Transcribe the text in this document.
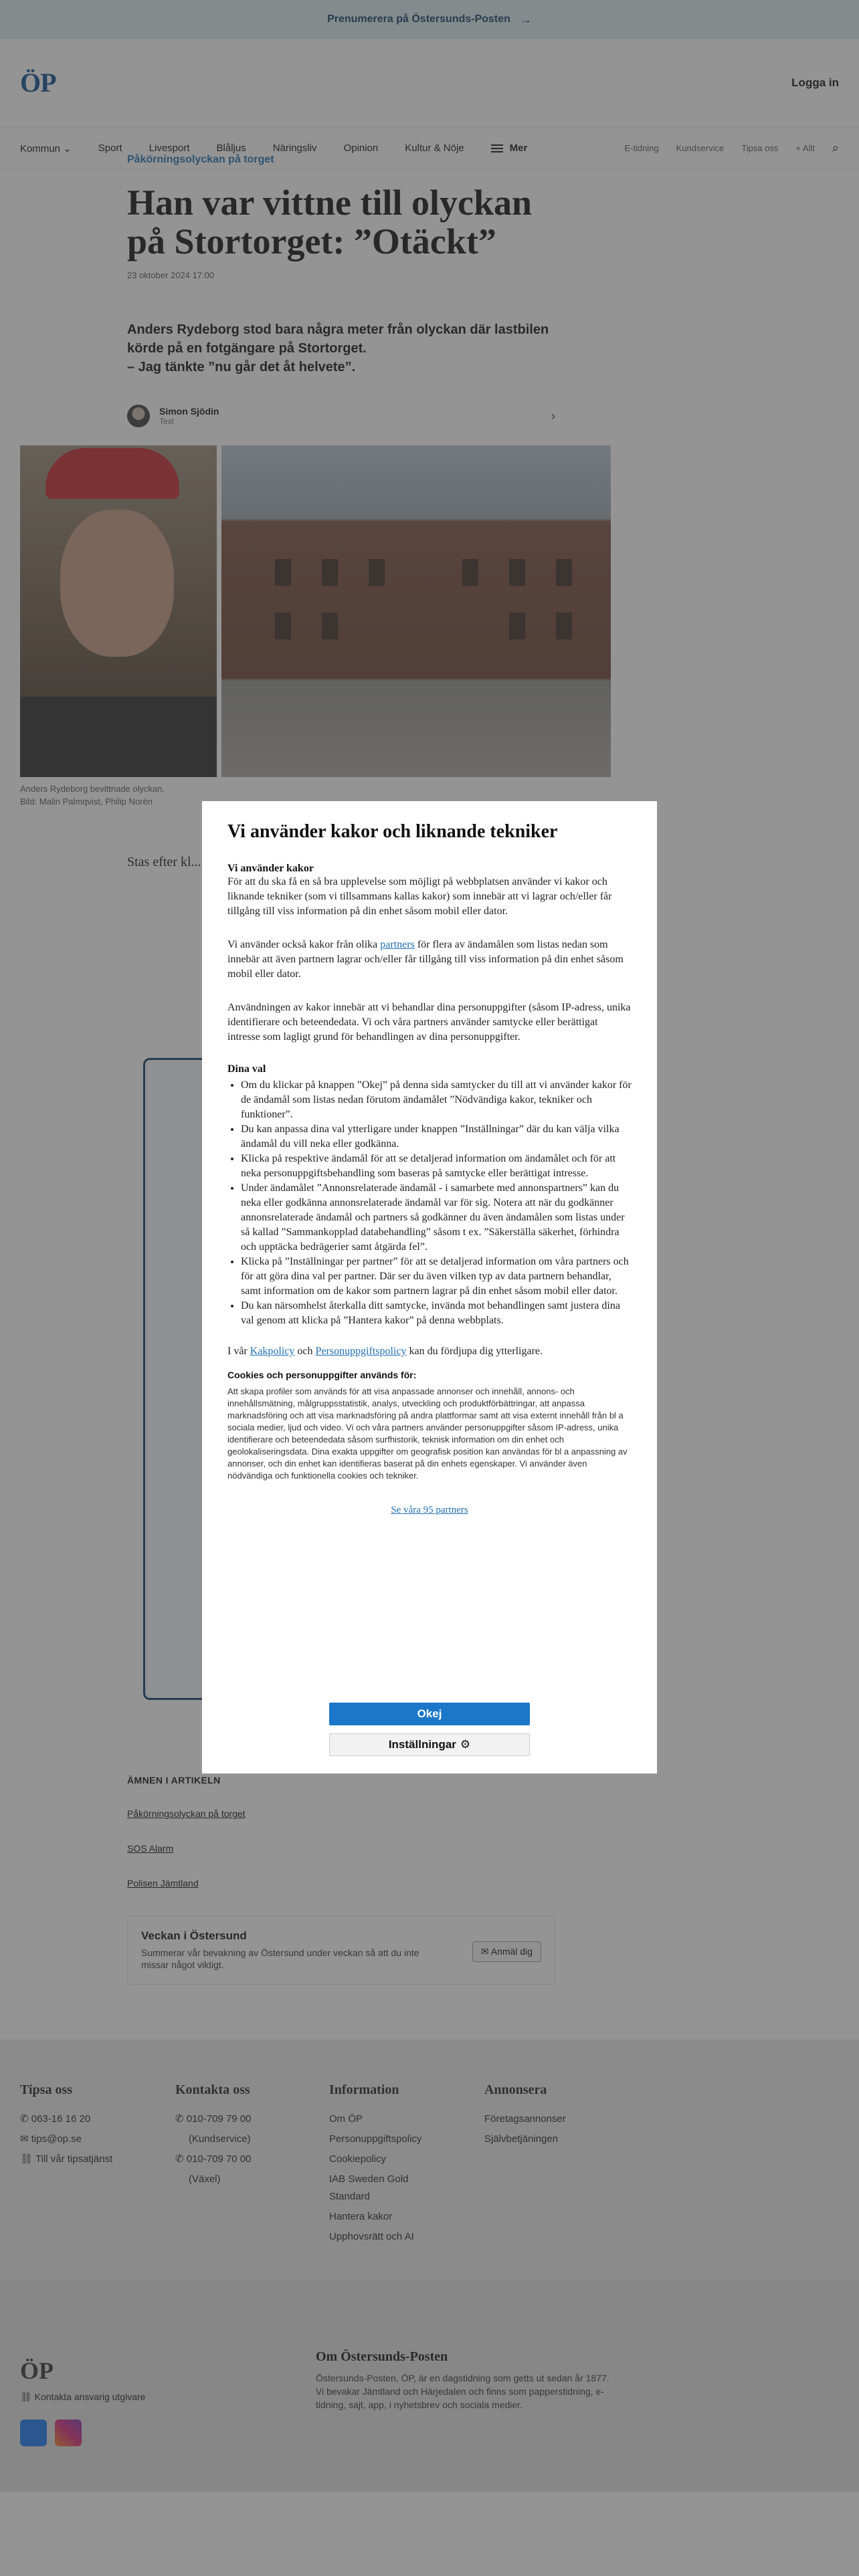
Vi använder kakor och liknande tekniker
Vi använder kakor

För att du ska få en så bra upplevelse som möjligt på webbplatsen använder vi kakor och liknande tekniker (som vi tillsammans kallas kakor) som innebär att vi lagrar och/eller får tillgång till viss information på din enhet såsom mobil eller dator.

Vi använder också kakor från olika partners för flera av ändamålen som listas nedan som innebär att även partnern lagrar och/eller får tillgång till viss information på din enhet såsom mobil eller dator.

Användningen av kakor innebär att vi behandlar dina personuppgifter (såsom IP-adress, unika identifierare och beteendedata. Vi och våra partners använder samtycke eller berättigat intresse som lagligt grund för behandlingen av dina personuppgifter.

Dina val
• Om du klickar på knappen ”Okej” på denna sida samtycker du till att vi använder kakor för de ändamål som listas nedan förutom ändamålet ”Nödvändiga kakor, tekniker och funktioner”.
• Du kan anpassa dina val ytterligare under knappen ”Inställningar” där du kan välja vilka ändamål du vill neka eller godkänna.
• Klicka på respektive ändamål för att se detaljerad information om ändamålet och för att neka personuppgiftsbehandling som baseras på samtycke eller berättigat intresse.
• Under ändamålet ”Annonsrelaterade ändamål - i samarbete med annonspartners” kan du neka eller godkänna annonsrelaterade ändamål var för sig. Notera att när du godkänner annonsrelaterade ändamål och partners så godkänner du även ändamålen som listas under så kallad ”Sammankopplad databehandling” såsom t ex. ”Säkerställa säkerhet, förhindra och upptäcka bedrägerier samt åtgärda fel”.
• Klicka på ”Inställningar per partner” för att se detaljerad information om våra partners och för att göra dina val per partner. Där ser du även vilken typ av data partnern behandlar, samt information om de kakor som partnern lagrar på din enhet såsom mobil eller dator.
• Du kan närsomhelst återkalla ditt samtycke, invända mot behandlingen samt justera dina val genom att klicka på ”Hantera kakor” på denna webbplats.

I vår Kakpolicy och Personuppgiftspolicy kan du fördjupa dig ytterligare.

Cookies och personuppgifter används för:
Att skapa profiler som används för att visa anpassade annonser och innehåll, annons- och innehållsmätning, målgruppsstatistik, analys, utveckling och produktförbättringar, att anpassa marknadsföring och att visa marknadsföring på andra plattformar samt att visa externt innehåll från bl a sociala medier, ljud och video. Vi och våra partners använder personuppgifter såsom IP-adress, unika identifierare och beteendedata såsom surfhistorik, teknisk information om din enhet och geolokaliseringsdata. Dina exakta uppgifter om geografisk position kan användas för bl a anpassning av annonser, och din enhet kan identifieras baserat på din enhets egenskaper. Vi använder även nödvändiga och funktionella cookies och tekniker.
Se våra 95 partners
Okej
Inställningar ⚙
